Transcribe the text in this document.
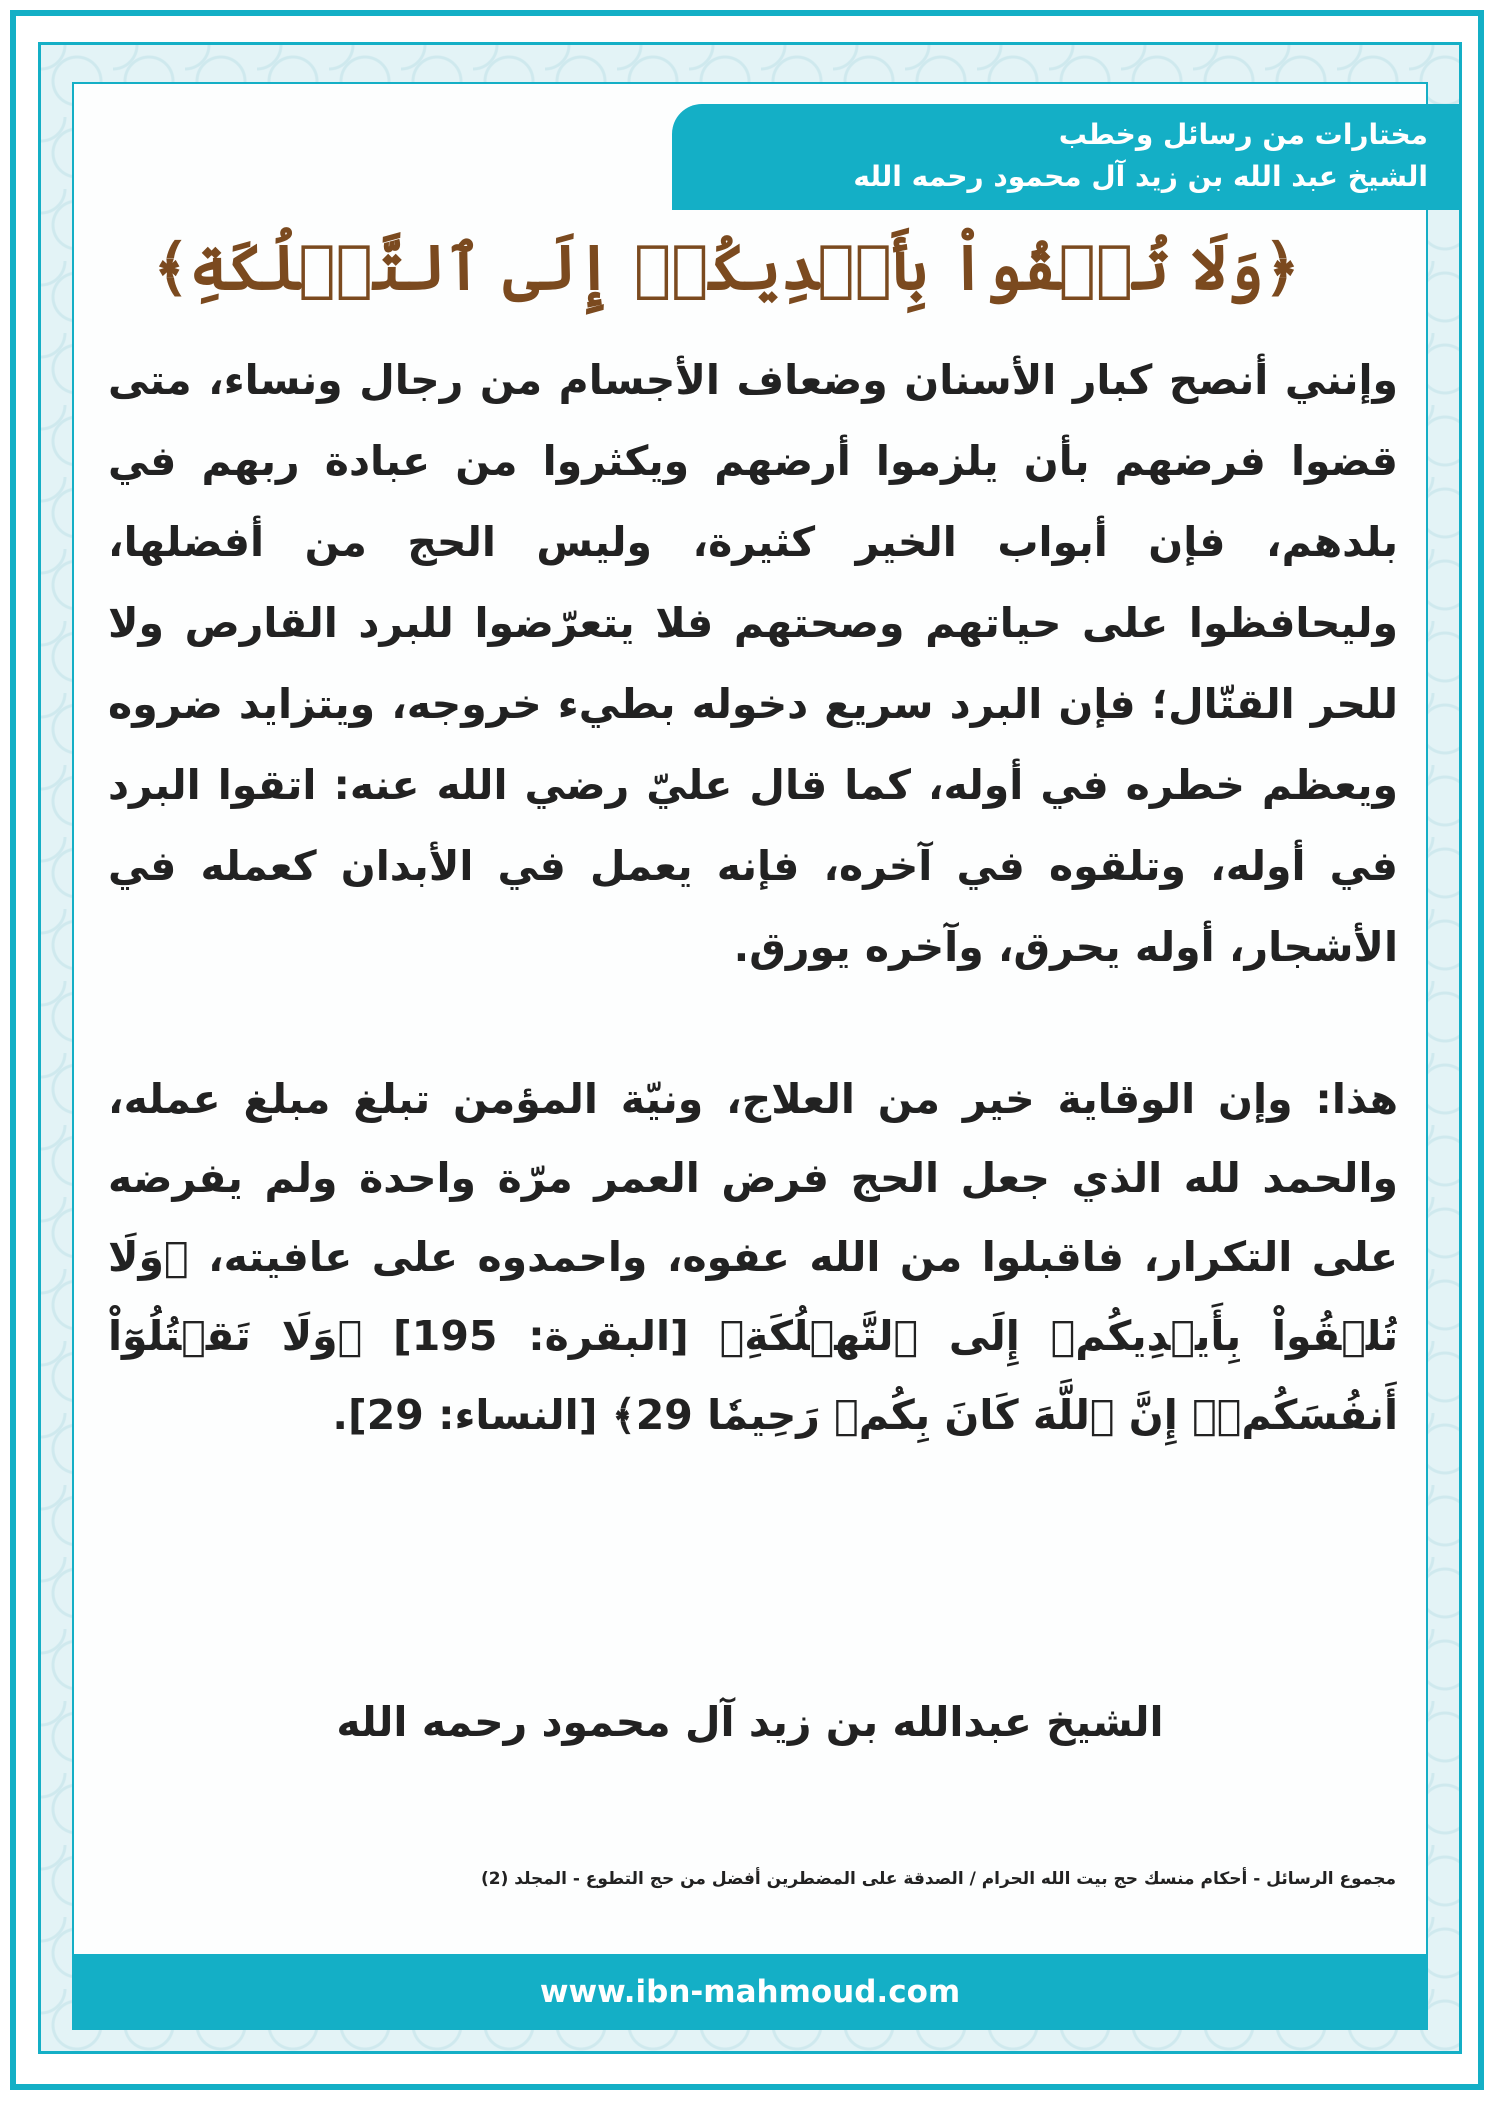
مختارات من رسائل وخطب
الشيخ عبد الله بن زيد آل محمود رحمه الله
﴿وَلَا تُلۡقُواْ بِأَيۡدِيكُمۡ إِلَى ٱلتَّهۡلُكَةِ﴾

وإنني أنصح كبار الأسنان وضعاف الأجسام من رجال ونساء، متى قضوا فرضهم بأن يلزموا أرضهم ويكثروا من عبادة ربهم في بلدهم، فإن أبواب الخير كثيرة، وليس الحج من أفضلها، وليحافظوا على حياتهم وصحتهم فلا يتعرّضوا للبرد القارص ولا للحر القتّال؛ فإن البرد سريع دخوله بطيء خروجه، ويتزايد ضروه ويعظم خطره في أوله، كما قال عليّ رضي الله عنه: اتقوا البرد في أوله، وتلقوه في آخره، فإنه يعمل في الأبدان كعمله في الأشجار، أوله يحرق، وآخره يورق.

هذا: وإن الوقاية خير من العلاج، ونيّة المؤمن تبلغ مبلغ عمله، والحمد لله الذي جعل الحج فرض العمر مرّة واحدة ولم يفرضه على التكرار، فاقبلوا من الله عفوه، واحمدوه على عافيته، ﴿وَلَا تُلۡقُواْ بِأَيۡدِيكُمۡ إِلَى ٱلتَّهۡلُكَةِ﴾ [البقرة: 195] ﴿وَلَا تَقۡتُلُوٓاْ أَنفُسَكُمۡۚ إِنَّ ٱللَّهَ كَانَ بِكُمۡ رَحِيمٗا 29﴾ [النساء: 29].

الشيخ عبدالله بن زيد آل محمود رحمه الله
مجموع الرسائل - أحكام منسك حج بيت الله الحرام / الصدقة على المضطرين أفضل من حج التطوع - المجلد (2)
www.ibn-mahmoud.com
